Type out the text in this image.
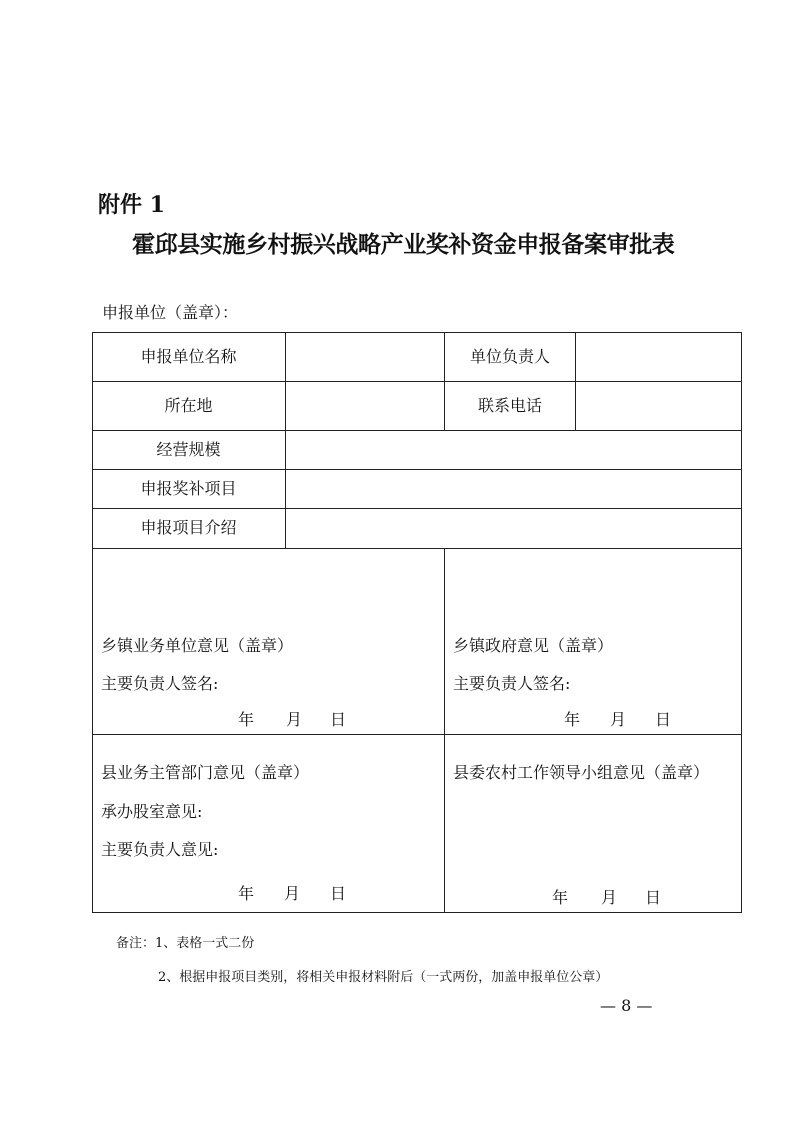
附件 1
霍邱县实施乡村振兴战略产业奖补资金申报备案审批表
申报单位（盖章）：
申报单位名称	单位负责人
所在地	联系电话
经营规模
申报奖补项目
申报项目介绍
乡镇业务单位意见（盖章）
主要负责人签名:
年 月 日
乡镇政府意见（盖章）
主要负责人签名:
年 月 日
县业务主管部门意见（盖章）
承办股室意见:
主要负责人意见:
年 月 日
县委农村工作领导小组意见（盖章）
年 月 日
备注：1、表格一式二份
2、根据申报项目类别，将相关申报材料附后（一式两份，加盖申报单位公章）
— 8 —
